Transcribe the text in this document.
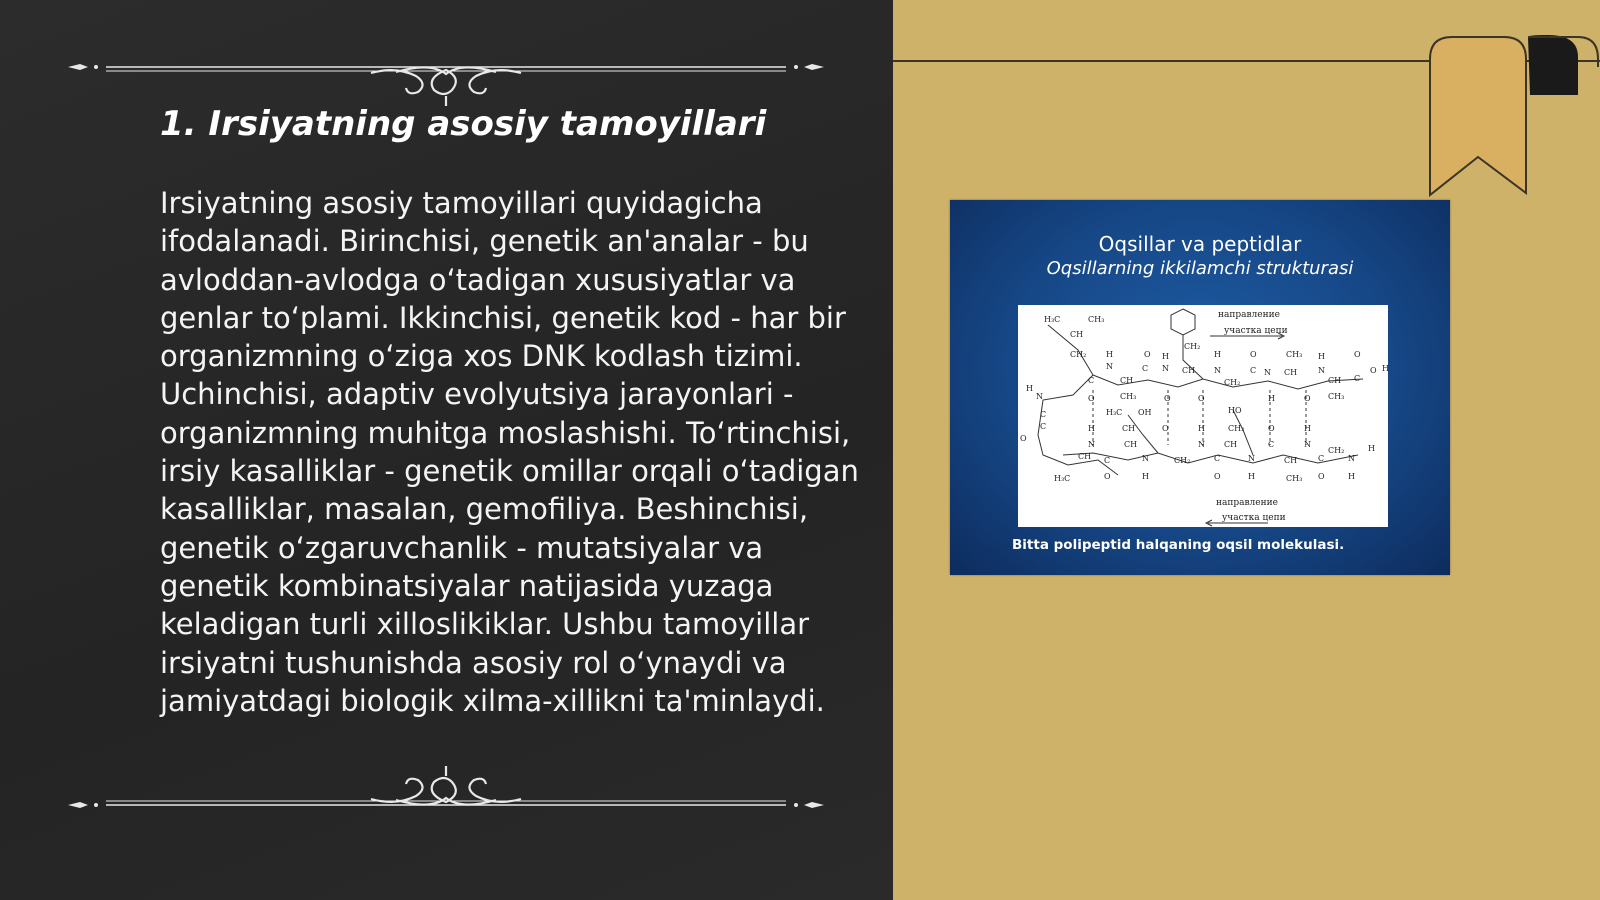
1. Irsiyatning asosiy tamoyillari
Irsiyatning asosiy tamoyillari quyidagicha ifodalanadi. Birinchisi, genetik an'analar - bu avloddan-avlodga oʻtadigan xususiyatlar va genlar toʻplami. Ikkinchisi, genetik kod - har bir organizmning oʻziga xos DNK kodlash tizimi. Uchinchisi, adaptiv evolyutsiya jarayonlari - organizmning muhitga moslashishi. Toʻrtinchisi, irsiy kasalliklar - genetik omillar orqali oʻtadigan kasalliklar, masalan, gemofiliya. Beshinchisi, genetik oʻzgaruvchanlik - mutatsiyalar va genetik kombinatsiyalar natijasida yuzaga keladigan turli xilloslikiklar. Ushbu tamoyillar irsiyatni tushunishda asosiy rol oʻynaydi va jamiyatdagi biologik xilma-xillikni ta'minlaydi.
Oqsillar va peptidlar
Oqsillarning ikkilamchi strukturasi
направление
участка цепи
направление
участка цепи
H₃C	CH₃
CH
CH₂ H
N
O
C
H
N
C	CH
CH₃
N
H
CH₂
CH
H
N
CH₂
O
C
CH₃
CH
H
N
CH
CH₃
O
C
O H
O	O	O	H	O
N
H₃C OH
CH
HO
CH₂
C
O
C	H
N
O	H
N
O
C
H
N
CH	CH
CH C	N	CH₂	C	N	CH	C	N
CH₂	H
H₃C	O	H	O	H	CH₃ O	H
Bitta polipeptid halqaning oqsil molekulasi.
